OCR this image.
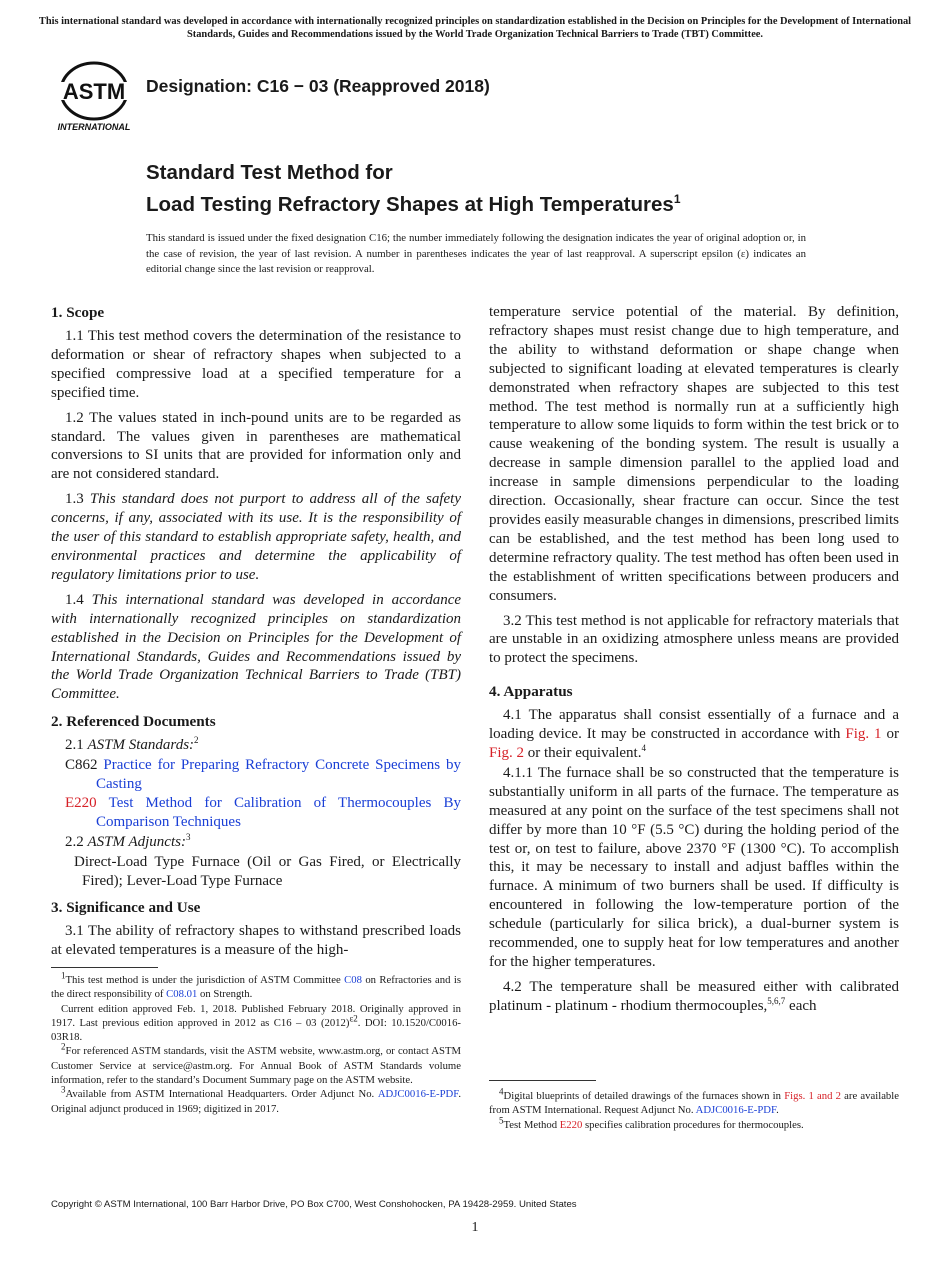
This international standard was developed in accordance with internationally recognized principles on standardization established in the Decision on Principles for the Development of International Standards, Guides and Recommendations issued by the World Trade Organization Technical Barriers to Trade (TBT) Committee.
ASTM
INTERNATIONAL
Designation: C16 − 03 (Reapproved 2018)
Standard Test Method for
Load Testing Refractory Shapes at High Temperatures$^1$
This standard is issued under the fixed designation C16; the number immediately following the designation indicates the year of original adoption or, in the case of revision, the year of last revision. A number in parentheses indicates the year of last reapproval. A superscript epsilon (ε) indicates an editorial change since the last revision or reapproval.
1. Scope

1.1 This test method covers the determination of the resistance to deformation or shear of refractory shapes when subjected to a specified compressive load at a specified temperature for a specified time.

1.2 The values stated in inch-pound units are to be regarded as standard. The values given in parentheses are mathematical conversions to SI units that are provided for information only and are not considered standard.

1.3 This standard does not purport to address all of the safety concerns, if any, associated with its use. It is the responsibility of the user of this standard to establish appropriate safety, health, and environmental practices and determine the applicability of regulatory limitations prior to use.

1.4 This international standard was developed in accordance with internationally recognized principles on standardization established in the Decision on Principles for the Development of International Standards, Guides and Recommendations issued by the World Trade Organization Technical Barriers to Trade (TBT) Committee.

2. Referenced Documents

2.1 ASTM Standards:$^2$

C862 Practice for Preparing Refractory Concrete Specimens by Casting
E220 Test Method for Calibration of Thermocouples By Comparison Techniques

2.2 ASTM Adjuncts:$^3$

Direct-Load Type Furnace (Oil or Gas Fired, or Electrically Fired); Lever-Load Type Furnace
3. Significance and Use

3.1 The ability of refractory shapes to withstand prescribed loads at elevated temperatures is a measure of the high-

$^1$This test method is under the jurisdiction of ASTM Committee C08 on Refractories and is the direct responsibility of C08.01 on Strength.

Current edition approved Feb. 1, 2018. Published February 2018. Originally approved in 1917. Last previous edition approved in 2012 as C16 – 03 $(2012)^{\varepsilon 2}$. DOI: 10.1520/C0016-03R18.

$^2$For referenced ASTM standards, visit the ASTM website, www.astm.org, or contact ASTM Customer Service at service@astm.org. For Annual Book of ASTM Standards volume information, refer to the standard’s Document Summary page on the ASTM website.

$^3$Available from ASTM International Headquarters. Order Adjunct No. ADJC0016-E-PDF. Original adjunct produced in 1969; digitized in 2017.

temperature service potential of the material. By definition, refractory shapes must resist change due to high temperature, and the ability to withstand deformation or shape change when subjected to significant loading at elevated temperatures is clearly demonstrated when refractory shapes are subjected to this test method. The test method is normally run at a sufficiently high temperature to allow some liquids to form within the test brick or to cause weakening of the bonding system. The result is usually a decrease in sample dimension parallel to the applied load and increase in sample dimensions perpendicular to the loading direction. Occasionally, shear fracture can occur. Since the test provides easily measurable changes in dimensions, prescribed limits can be established, and the test method has been long used to determine refractory quality. The test method has often been used in the establishment of written specifications between producers and consumers.

3.2 This test method is not applicable for refractory materials that are unstable in an oxidizing atmosphere unless means are provided to protect the specimens.

4. Apparatus

4.1 The apparatus shall consist essentially of a furnace and a loading device. It may be constructed in accordance with Fig. 1 or Fig. 2 or their equivalent.$^4$

4.1.1 The furnace shall be so constructed that the temperature is substantially uniform in all parts of the furnace. The temperature as measured at any point on the surface of the test specimens shall not differ by more than 10 °F (5.5 °C) during the holding period of the test or, on test to failure, above 2370 °F (1300 °C). To accomplish this, it may be necessary to install and adjust baffles within the furnace. A minimum of two burners shall be used. If difficulty is encountered in following the low-temperature portion of the schedule (particularly for silica brick), a dual-burner system is recommended, one to supply heat for low temperatures and another for the higher temperatures.

4.2 The temperature shall be measured either with calibrated platinum - platinum - rhodium thermocouples,$^{5,6,7}$ each

$^4$Digital blueprints of detailed drawings of the furnaces shown in Figs. 1 and 2 are available from ASTM International. Request Adjunct No. ADJC0016-E-PDF.

$^5$Test Method E220 specifies calibration procedures for thermocouples.

Copyright © ASTM International, 100 Barr Harbor Drive, PO Box C700, West Conshohocken, PA 19428-2959. United States
1
